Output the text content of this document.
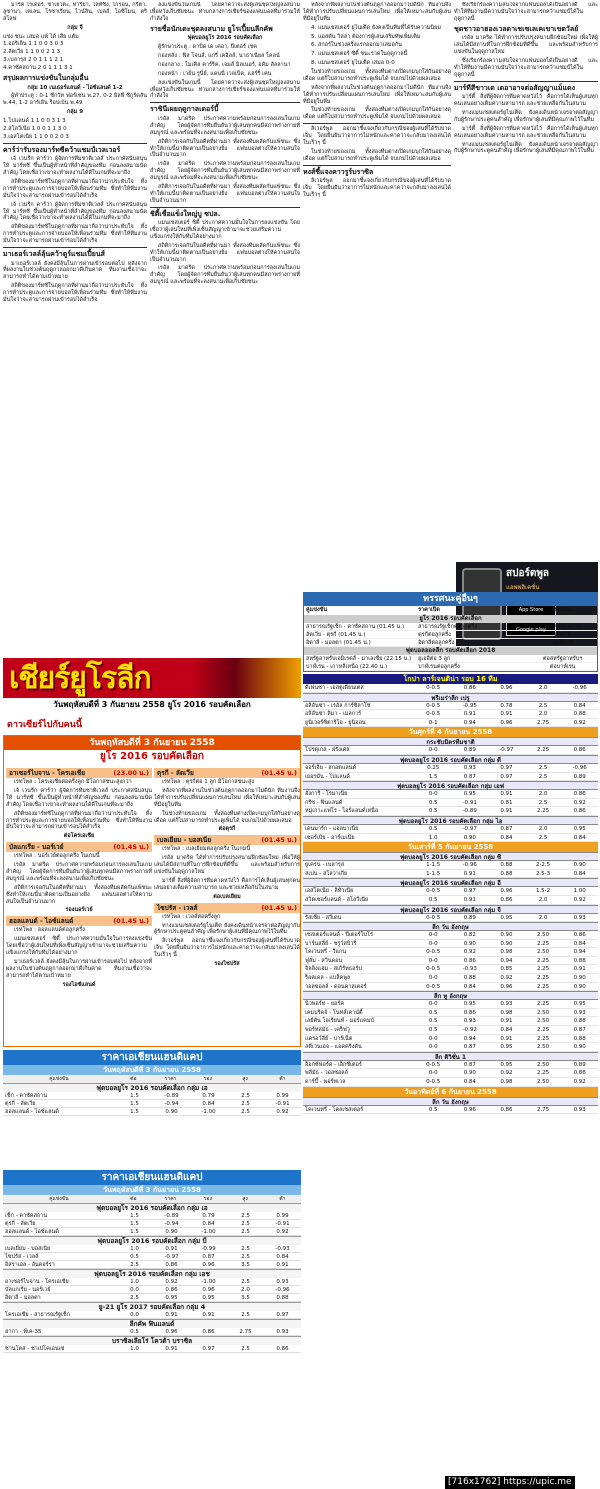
มาร์ค ไรเดอร์, ซาเยโตะ, ทาริยา, ไลท์ซิง, ไกรอน, กรีตา, ลูซานา, เคเลน, โรซาเรียน, ไวน์ลิน, เบลส์, โอซิโมน, คริสโลฟ

กลุ่ม จี
แข่ง ชนะ เสมอ แพ้ ได้ เสีย แต้ม
1.ออริเย็น 1 1 0 0 3 0 3
2.ลัตเวีย 1 1 0 0 2 1 3
3.เบลารุส 2 0 1 1 1 2 1
4.คาซัคสถาน 2 0 1 1 1 3 1
สรุปผลการแข่งขันในกลุ่มอื่น
กลุ่ม 10 เนเธอร์แลนด์ - ไอซ์แลนด์ 1-2

ผู้ทำประตู : 0-1 ซีกวัท ฟอร์เซน พ.27, 0-2 ยิลฟี ซีกูร์ดสัน พ.44, 1-2 อาร์เยิน ร็อบเบ้น พ.49

กลุ่ม 9
1.โปแลนด์ 1 1 0 0 3 1 3
2.สโลวีเนีย 1 0 0 1 1 3 0
3.เอสโตเนีย 1 1 0 0 2 0 3
คาร์ว่ารับรองมาร์ทซีคว้าแชมป์เวลเวอร์

เจ้ เวนรีก คาร์ว่า ผู้จัดการทีมชาติเวลส์ ประกาศสนับสนุนให้ มาร์ทซี ขึ้นเป็นผู้ทำหน้าที่สำคัญของทีม ก่อนลงสนามนัดสำคัญ โดยเชื่อว่าเขาจะทำผลงานได้ดีในเกมที่จะมาถึง

สถิติของมาร์ทซีในฤดูกาลที่ผ่านมาถือว่าน่าประทับใจ ทั้งการทำประตูและการจ่ายบอลให้เพื่อนร่วมทีม ซึ่งทำให้ทีมงานมั่นใจว่าจะสามารถผ่านเข้ารอบได้สำเร็จ

เจ้ เวนรีก คาร์ว่า ผู้จัดการทีมชาติเวลส์ ประกาศสนับสนุนให้ มาร์ทซี ขึ้นเป็นผู้ทำหน้าที่สำคัญของทีม ก่อนลงสนามนัดสำคัญ โดยเชื่อว่าเขาจะทำผลงานได้ดีในเกมที่จะมาถึง

สถิติของมาร์ทซีในฤดูกาลที่ผ่านมาถือว่าน่าประทับใจ ทั้งการทำประตูและการจ่ายบอลให้เพื่อนร่วมทีม ซึ่งทำให้ทีมงานมั่นใจว่าจะสามารถผ่านเข้ารอบได้สำเร็จ

มาเธอร์เวลล์ลุ้นคว้าตูร์แชมเปี้ยนส์

มาเธอร์เวลล์ ยังคงมีลุ้นในการผ่านเข้ารอบต่อไป หลังจากที่ผลงานในช่วงต้นฤดูกาลออกมาดีเกินคาด ทีมงานเชื่อว่าจะสามารถทำได้ตามเป้าหมาย

สถิติของมาร์ทซีในฤดูกาลที่ผ่านมาถือว่าน่าประทับใจ ทั้งการทำประตูและการจ่ายบอลให้เพื่อนร่วมทีม ซึ่งทำให้ทีมงานมั่นใจว่าจะสามารถผ่านเข้ารอบได้สำเร็จ

ลงแข่งขันในเกมนี้ โดยคาดว่าจะส่งผู้เล่นชุดใหญ่ลงสนามเพื่อหวังเก็บชัยชนะ ท่ามกลางการเชียร์ของแฟนบอลที่มาร่วมให้กำลังใจ

รายชื่อนักเตะชุดลงสนาม ยูโรเปี้ยนลีกคัพ
ฟุตบอลยูโร 2016 รอบคัดเลือก

ผู้รักษาประตู : ดาบิด เด เคอา, ปีเตอร์ เชค

กองหลัง : ฟิล โจนส์, แกรี่ เคฮิลล์, นาธาเนียล ไคลน์

กองกลาง : ไมเคิล คาร์ริค, เจมส์ มิลเนอร์, อดัม ลัลลานา

กองหน้า : เวย์น รูนี่ย์, แดนนี่ เวลเบ็ค, แฮร์รี่ เคน

ลงแข่งขันในเกมนี้ โดยคาดว่าจะส่งผู้เล่นชุดใหญ่ลงสนามเพื่อหวังเก็บชัยชนะ ท่ามกลางการเชียร์ของแฟนบอลที่มาร่วมให้กำลังใจ

ราชินีเผยฤดูกาลเดอร์บี้

เรอัล มาดริด ประกาศความพร้อมก่อนการลงเล่นในเกมสำคัญ โดยผู้จัดการทีมยืนยันว่าผู้เล่นทุกคนมีสภาพร่างกายที่สมบูรณ์ และพร้อมที่จะลงสนามเพื่อเก็บชัยชนะ

สถิติการเจอกันในอดีตที่ผ่านมา ทั้งสองทีมผลัดกันแพ้ชนะ ซึ่งทำให้เกมนี้น่าติดตามเป็นอย่างยิ่ง แฟนบอลต่างให้ความสนใจเป็นจำนวนมาก

เรอัล มาดริด ประกาศความพร้อมก่อนการลงเล่นในเกมสำคัญ โดยผู้จัดการทีมยืนยันว่าผู้เล่นทุกคนมีสภาพร่างกายที่สมบูรณ์ และพร้อมที่จะลงสนามเพื่อเก็บชัยชนะ

สถิติการเจอกันในอดีตที่ผ่านมา ทั้งสองทีมผลัดกันแพ้ชนะ ซึ่งทำให้เกมนี้น่าติดตามเป็นอย่างยิ่ง แฟนบอลต่างให้ความสนใจเป็นจำนวนมาก

ชิตี้เชื่อแข็งใหญ่บู ซปล.

แมนเชสเตอร์ ซิตี้ ประกาศความมั่นใจในการลงแข่งขัน โดยเชื่อว่าผู้เล่นใหม่ที่เพิ่งเซ็นสัญญาเข้ามาจะช่วยเสริมความแข็งแกร่งให้กับทีมได้อย่างมาก

สถิติการเจอกันในอดีตที่ผ่านมา ทั้งสองทีมผลัดกันแพ้ชนะ ซึ่งทำให้เกมนี้น่าติดตามเป็นอย่างยิ่ง แฟนบอลต่างให้ความสนใจเป็นจำนวนมาก

เรอัล มาดริด ประกาศความพร้อมก่อนการลงเล่นในเกมสำคัญ โดยผู้จัดการทีมยืนยันว่าผู้เล่นทุกคนมีสภาพร่างกายที่สมบูรณ์ และพร้อมที่จะลงสนามเพื่อเก็บชัยชนะ

หลังจากที่ผลงานในช่วงต้นฤดูกาลออกมาไม่ดีนัก ทีมงานจึงได้ทำการปรับเปลี่ยนแผนการเล่นใหม่ เพื่อให้เหมาะสมกับผู้เล่นที่มีอยู่ในทีม

4. แมนเชสเตอร์ ยูไนเต็ด ยังคงเป็นทีมที่ได้รับความนิยม

5. แอสตัน วิลล่า ต้องการผู้เล่นเสริมทัพเพิ่มเติม

6. สกอร์ในช่วงครึ่งแรกออกมาเสมอกัน

7. แมนเชสเตอร์ ซิตี้ ชนะรวดในฤดูกาลนี้

8. แมนเชสเตอร์ ยูไนเต็ด เสมอ 0-0

ในช่วงท้ายของเกม ทั้งสองทีมต่างเปิดเกมบุกใส่กันอย่างดุเดือด แต่ก็ไม่สามารถทำประตูเพิ่มได้ จบเกมไปด้วยผลเสมอ

หลังจากที่ผลงานในช่วงต้นฤดูกาลออกมาไม่ดีนัก ทีมงานจึงได้ทำการปรับเปลี่ยนแผนการเล่นใหม่ เพื่อให้เหมาะสมกับผู้เล่นที่มีอยู่ในทีม

ในช่วงท้ายของเกม ทั้งสองทีมต่างเปิดเกมบุกใส่กันอย่างดุเดือด แต่ก็ไม่สามารถทำประตูเพิ่มได้ จบเกมไปด้วยผลเสมอ

ลิเวอร์พูล ออกมาชี้แจงเกี่ยวกับกรณีของผู้เล่นที่ได้รับบาดเจ็บ โดยยืนยันว่าอาการไม่หนักและคาดว่าจะกลับมาลงเล่นได้ในเร็วๆ นี้

ในช่วงท้ายของเกม ทั้งสองทีมต่างเปิดเกมบุกใส่กันอย่างดุเดือด แต่ก็ไม่สามารถทำประตูเพิ่มได้ จบเกมไปด้วยผลเสมอ

หงส์ชี้แจงคาวรูร์บราซิล

ลิเวอร์พูล ออกมาชี้แจงเกี่ยวกับกรณีของผู้เล่นที่ได้รับบาดเจ็บ โดยยืนยันว่าอาการไม่หนักและคาดว่าจะกลับมาลงเล่นได้ในเร็วๆ นี้

ซึ่งเรียกร้องความสนใจจากแฟนบอลได้เป็นอย่างดี และทำให้ทีมงานมีความมั่นใจว่าจะสามารถคว้าแชมป์ได้ในฤดูกาลนี้

ชุดชาวอาฮองเวลดาเชเซเลเคเขาเขตวัลย์

เรอัล มาดริด ได้ทำการปรับปรุงสนามฝึกซ้อมใหม่ เพื่อให้ผู้เล่นได้มีสถานที่ในการฝึกซ้อมที่ดีขึ้น และพร้อมสำหรับการแข่งขันในฤดูกาลใหม่

ซึ่งเรียกร้องความสนใจจากแฟนบอลได้เป็นอย่างดี และทำให้ทีมงานมีความมั่นใจว่าจะสามารถคว้าแชมป์ได้ในฤดูกาลนี้

มาร์ทีสีขาวเด เดอาอาจต่อสัญญาแม็แดง

มาร์ตี้ สิ่งที่ผู้จัดการทีมคาดหวังไว้ คือการได้เห็นผู้เล่นทุกคนเล่นอย่างเต็มความสามารถ และช่วยเหลือกันในสนาม

ทางแมนเชสเตอร์ยูไนเต็ด ยังคงเดินหน้าเจรจาต่อสัญญากับผู้รักษาประตูคนสำคัญ เพื่อรักษาผู้เล่นที่มีคุณภาพไว้ในทีม

มาร์ตี้ สิ่งที่ผู้จัดการทีมคาดหวังไว้ คือการได้เห็นผู้เล่นทุกคนเล่นอย่างเต็มความสามารถ และช่วยเหลือกันในสนาม

ทางแมนเชสเตอร์ยูไนเต็ด ยังคงเดินหน้าเจรจาต่อสัญญากับผู้รักษาประตูคนสำคัญ เพื่อรักษาผู้เล่นที่มีคุณภาพไว้ในทีม

สปอร์ตพูล
แอพพลิเคชั่น
App Store
Google play
เชียร์ยูโรลีก
วันพฤหัสบดีที่ 3 กันยายน 2558 ยูโร 2016 รอบคัดเลือก
ดาวเซียร์ไปกับคนนี้
วันพฤหัสบดีที่ 3 กันยายน 2558
ยูโร 2016 รอบคัดเลือก
อาเซอร์ไบจาน - โครเอเชีย	(23.00 น.)

เรทโพล : โครเอเชียต่อครึ่งลูก มีโอกาสชนะสูงกว่า

เจ้ เวนรีก คาร์ว่า ผู้จัดการทีมชาติเวลส์ ประกาศสนับสนุนให้ มาร์ทซี ขึ้นเป็นผู้ทำหน้าที่สำคัญของทีม ก่อนลงสนามนัดสำคัญ โดยเชื่อว่าเขาจะทำผลงานได้ดีในเกมที่จะมาถึง

สถิติของมาร์ทซีในฤดูกาลที่ผ่านมาถือว่าน่าประทับใจ ทั้งการทำประตูและการจ่ายบอลให้เพื่อนร่วมทีม ซึ่งทำให้ทีมงานมั่นใจว่าจะสามารถผ่านเข้ารอบได้สำเร็จ

ต่อโครเอเชีย
บัลแกเรีย - นอร์เวย์	(01.45 น.)

เรทโพล : นอร์เวย์ต่อลูกครึ่ง ในเกมนี้

เรอัล มาดริด ประกาศความพร้อมก่อนการลงเล่นในเกมสำคัญ โดยผู้จัดการทีมยืนยันว่าผู้เล่นทุกคนมีสภาพร่างกายที่สมบูรณ์ และพร้อมที่จะลงสนามเพื่อเก็บชัยชนะ

สถิติการเจอกันในอดีตที่ผ่านมา ทั้งสองทีมผลัดกันแพ้ชนะ ซึ่งทำให้เกมนี้น่าติดตามเป็นอย่างยิ่ง แฟนบอลต่างให้ความสนใจเป็นจำนวนมาก

รองนอร์เวย์
ฮอลแลนด์ - ไอซ์แลนด์	(01.45 น.)

เรทโพล : ฮอลแลนด์ต่อลูกครึ่ง

แมนเชสเตอร์ ซิตี้ ประกาศความมั่นใจในการลงแข่งขัน โดยเชื่อว่าผู้เล่นใหม่ที่เพิ่งเซ็นสัญญาเข้ามาจะช่วยเสริมความแข็งแกร่งให้กับทีมได้อย่างมาก

มาเธอร์เวลล์ ยังคงมีลุ้นในการผ่านเข้ารอบต่อไป หลังจากที่ผลงานในช่วงต้นฤดูกาลออกมาดีเกินคาด ทีมงานเชื่อว่าจะสามารถทำได้ตามเป้าหมาย

รองไอซ์แลนด์
ตุรกี - ลัตเวีย	(01.45 น.)

เรทโพล : ตุรกีต่อ 1 ลูก มีโอกาสชนะสูง

หลังจากที่ผลงานในช่วงต้นฤดูกาลออกมาไม่ดีนัก ทีมงานจึงได้ทำการปรับเปลี่ยนแผนการเล่นใหม่ เพื่อให้เหมาะสมกับผู้เล่นที่มีอยู่ในทีม

ในช่วงท้ายของเกม ทั้งสองทีมต่างเปิดเกมบุกใส่กันอย่างดุเดือด แต่ก็ไม่สามารถทำประตูเพิ่มได้ จบเกมไปด้วยผลเสมอ

ต่อตุรกี
เบลเยียม - บอสเนีย	(01.45 น.)

เรทโพล : เบลเยียมต่อลูกครึ่ง ในเกมนี้

เรอัล มาดริด ได้ทำการปรับปรุงสนามฝึกซ้อมใหม่ เพื่อให้ผู้เล่นได้มีสถานที่ในการฝึกซ้อมที่ดีขึ้น และพร้อมสำหรับการแข่งขันในฤดูกาลใหม่

มาร์ตี้ สิ่งที่ผู้จัดการทีมคาดหวังไว้ คือการได้เห็นผู้เล่นทุกคนเล่นอย่างเต็มความสามารถ และช่วยเหลือกันในสนาม

ต่อเบลเยียม
ไซปรัส - เวลส์	(01.45 น.)

เรทโพล : เวลส์ต่อครึ่งลูก

ทางแมนเชสเตอร์ยูไนเต็ด ยังคงเดินหน้าเจรจาต่อสัญญากับผู้รักษาประตูคนสำคัญ เพื่อรักษาผู้เล่นที่มีคุณภาพไว้ในทีม

ลิเวอร์พูล ออกมาชี้แจงเกี่ยวกับกรณีของผู้เล่นที่ได้รับบาดเจ็บ โดยยืนยันว่าอาการไม่หนักและคาดว่าจะกลับมาลงเล่นได้ในเร็วๆ นี้

รองไซปรัส
ราคาเอเชียนแฮนดิแคป
วันพฤหัสบดีที่ 3 กันยายน 2558
คู่แข่งขัน	ต่อ	ราคา	รอง	สูง	ต่ำ
ฟุตบอลยูโร 2016 รอบคัดเลือก กลุ่ม เอ
เช็ก - คาซัคสถาน	1.5	-0.89	0.79	2.5	0.99
ตุรกี - ลัตเวีย	1.5	-0.94	0.84	2.5	-0.91
ฮอลแลนด์ - ไอซ์แลนด์	1.5	0.90	-1.00	2.5	0.92
ราคาเอเชียนแฮนดิแคป
วันพฤหัสบดีที่ 3 กันยายน 2558
คู่แข่งขัน	ต่อ	ราคา	รอง	สูง	ต่ำ
ฟุตบอลยูโร 2016 รอบคัดเลือก กลุ่ม เอ
เช็ก - คาซัคสถาน	1.5	-0.89	0.79	2.5	0.99
ตุรกี - ลัตเวีย	1.5	-0.94	0.84	2.5	-0.91
ฮอลแลนด์ - ไอซ์แลนด์	1.5	0.90	-1.00	2.5	0.92
ฟุตบอลยูโร 2016 รอบคัดเลือก กลุ่ม บี
เบลเยียม - บอสเนีย	1.0	0.91	-0.99	2.5	-0.93
ไซปรัส - เวลส์	0.5	-0.97	0.87	2.5	0.84
อิสราเอล - อันดอร์รา	2.5	0.86	0.96	3.5	0.91
ฟุตบอลยูโร 2016 รอบคัดเลือก กลุ่ม เอช
อาเซอร์ไบจาน - โครเอเชีย	1.0	0.92	-1.00	2.5	0.93
บัลแกเรีย - นอร์เวย์	0.0	0.86	0.96	2.0	-0.96
อิตาลี - มอลตา	2.5	0.95	0.95	3.5	0.88
ยู-21 ยูโร 2017 รอบคัดเลือก กลุ่ม 4
โครเอเชีย - สาธารณรัฐเช็ก	0.0	0.91	0.91	2.5	0.97
ลีกคัพ ฟินแลนด์
ฮากา - พีเค-35	0.5	0.96	0.86	2.75	0.93
บราซิลเลียโร่ โควต้า บราซิล
ซานโตส - ชาเปโคเอนเซ่	1.0	0.91	0.97	2.5	0.86
ทรรศนะคู่อื่นๆ
คู่แข่งขัน	ราคาเปิด	ทรรศนะ
ยูโร 2016 รอบคัดเลือก
สาธารณรัฐเช็ก - คาซัคสถาน (01.45 น.)	สาธารณรัฐเช็กต่อลูกครึ่ง	รองคาซัคสถาน
ลัตเวีย - ตุรกี (01.45 น.)	ตุรกีต่อลูกครึ่ง	ต่อตุรกี
อิตาลี - มอลตา (01.45 น.)	อิตาลีต่อลูกครึ่ง	ต่ออิตาลี
ฟุตบอลออลลีก รอบคัดเลือก 2018
สหรัฐอาหรับเอมิเรตส์ - มาเลเซีย (22.15 น.)	ยูเออีต่อ 3 ลูก	ต่อสหรัฐอาหรับฯ
บาห์เรน - เกาหลีเหนือ (22.40 น.)	บาห์เรนต่อลูกครึ่ง	ต่อบาห์เรน
โกปา ลาร์เจนติน่า รอบ 16 ทีม
ดีเฟนซา - เอสตูเดียนเตส	0-0.5	0.86	0.96	2.0	-0.96
พรีเมร่าลีก เปรู
อลิอันซ่า - เรอัล การ์ซิลาโซ่	0-0.5	-0.95	0.78	2.5	0.84
อลิอันซ่า ลิมา - เมลการ์	0-0.5	0.91	0.91	2.0	0.88
ยูนิเวอร์ซิตาริโอ - ยูนิออน	0-1	0.94	0.96	2.75	0.92
วันศุกร์ที่ 4 กันยายน 2558
กระชับมิตรทีมชาติ
โปรตุเกส - ฝรั่งเศส	0-0	0.89	-0.97	2.25	0.86
ฟุตบอลยูโร 2016 รอบคัดเลือก กลุ่ม ดี
จอร์เจีย - สกอตแลนด์	0.25	0.93	0.97	2.5	-0.96
เยอรมัน - โปแลนด์	1.5	0.87	0.97	2.5	0.89
ฟุตบอลยูโร 2016 รอบคัดเลือก กลุ่ม เอฟ
ฮังการี - โรมาเนีย	0-0	0.95	0.91	2.0	0.86
กรีซ - ฟินแลนด์	0.5	-0.91	0.81	2.5	0.92
หมู่เกาะแฟโร - ไอร์แลนด์เหนือ	0.5	-0.89	0.91	2.25	0.86
ฟุตบอลยูโร 2016 รอบคัดเลือก กลุ่ม ไอ
เดนมาร์ก - แอลบาเนีย	0.5	-0.97	0.87	2.0	0.95
เซอร์เบีย - อาร์เมเนีย	1.0	0.90	0.84	2.5	0.84
วันเสาร์ที่ 5 กันยายน 2558
ฟุตบอลยูโร 2016 รอบคัดเลือก กลุ่ม ซี
ยูเครน - เบลารุส	1-1.5	-0.96	0.88	2-2.5	0.90
สเปน - สโลวาเกีย	1-1.5	0.91	0.88	2.5-3	0.84
ฟุตบอลยูโร 2016 รอบคัดเลือก กลุ่ม อี
เอสโตเนีย - ลิทัวเนีย	0-0.5	0.97	0.96	1.5-2	1.00
สวิตเซอร์แลนด์ - สโลวีเนีย	0.5	0.91	0.86	2.0	0.92
ฟุตบอลยูโร 2016 รอบคัดเลือก กลุ่ม จี
รัสเซีย - สวีเดน	0-0.5	0.89	0.95	2.0	0.93
ลีก วัน อังกฤษ
เชสเตอร์แลนด์ - ปีเตอร์โบโร่	0-0	0.82	0.90	2.50	0.86
บาร์นสลี่ย์ - ชรูว์สบิวรี่	0-0	0.90	0.90	2.25	0.84
โคเวนทรี่ - วีแกน	0-0.5	0.92	0.98	2.50	0.94
ฟูลั่ม - สวินดอน	0-0	0.86	0.94	2.25	0.88
จิลลิงแฮม - สเกิร์ทธอร์ป	0-0.5	-0.93	0.85	2.25	0.91
ร็อคเดล - แบล็คพูล	0-0	0.88	0.92	2.25	0.90
วอลซอลล์ - ดอนคาสเตอร์	0-0.5	0.84	0.96	2.25	0.90
ลีก ทู อังกฤษ
นิวพอร์ท - ยอร์ค	0-0	0.95	0.93	2.25	0.95
เคมบริดจ์ - โนทส์เคาน์ตี้	0.5	0.86	0.98	2.50	0.93
เลย์ตัน โอเรียนท์ - มอร์แคมบ์	0.5	0.93	0.91	2.50	0.88
พอร์ทสมัธ - เคร็ฟวู	0.5	-0.92	0.84	2.25	0.87
แครอว์ลีย์ - บาร์เน็ต	0-0	0.94	0.91	2.25	0.88
สตีเวนเอจ - แอคคริงตัน	0-0	0.87	0.95	2.50	0.90
ลีก ดิวิชั่น 1
อ็อกซ์ฟอร์ด - เอ็กซีเตอร์	0-0.5	0.87	0.95	2.50	0.89
พลีมัธ - วอลซอลล์	0-0	0.90	0.92	2.25	0.88
ดาร์บี้ - พอร์ทเวล	0-0.5	0.84	0.98	2.50	0.92
วันอาทิตย์ที่ 6 กันยายน 2558
ลีก วัน อังกฤษ
โคเวนทรี - โคลเชสเตอร์	0.5	0.96	0.86	2.75	0.93
[716x1762] https://upic.me
